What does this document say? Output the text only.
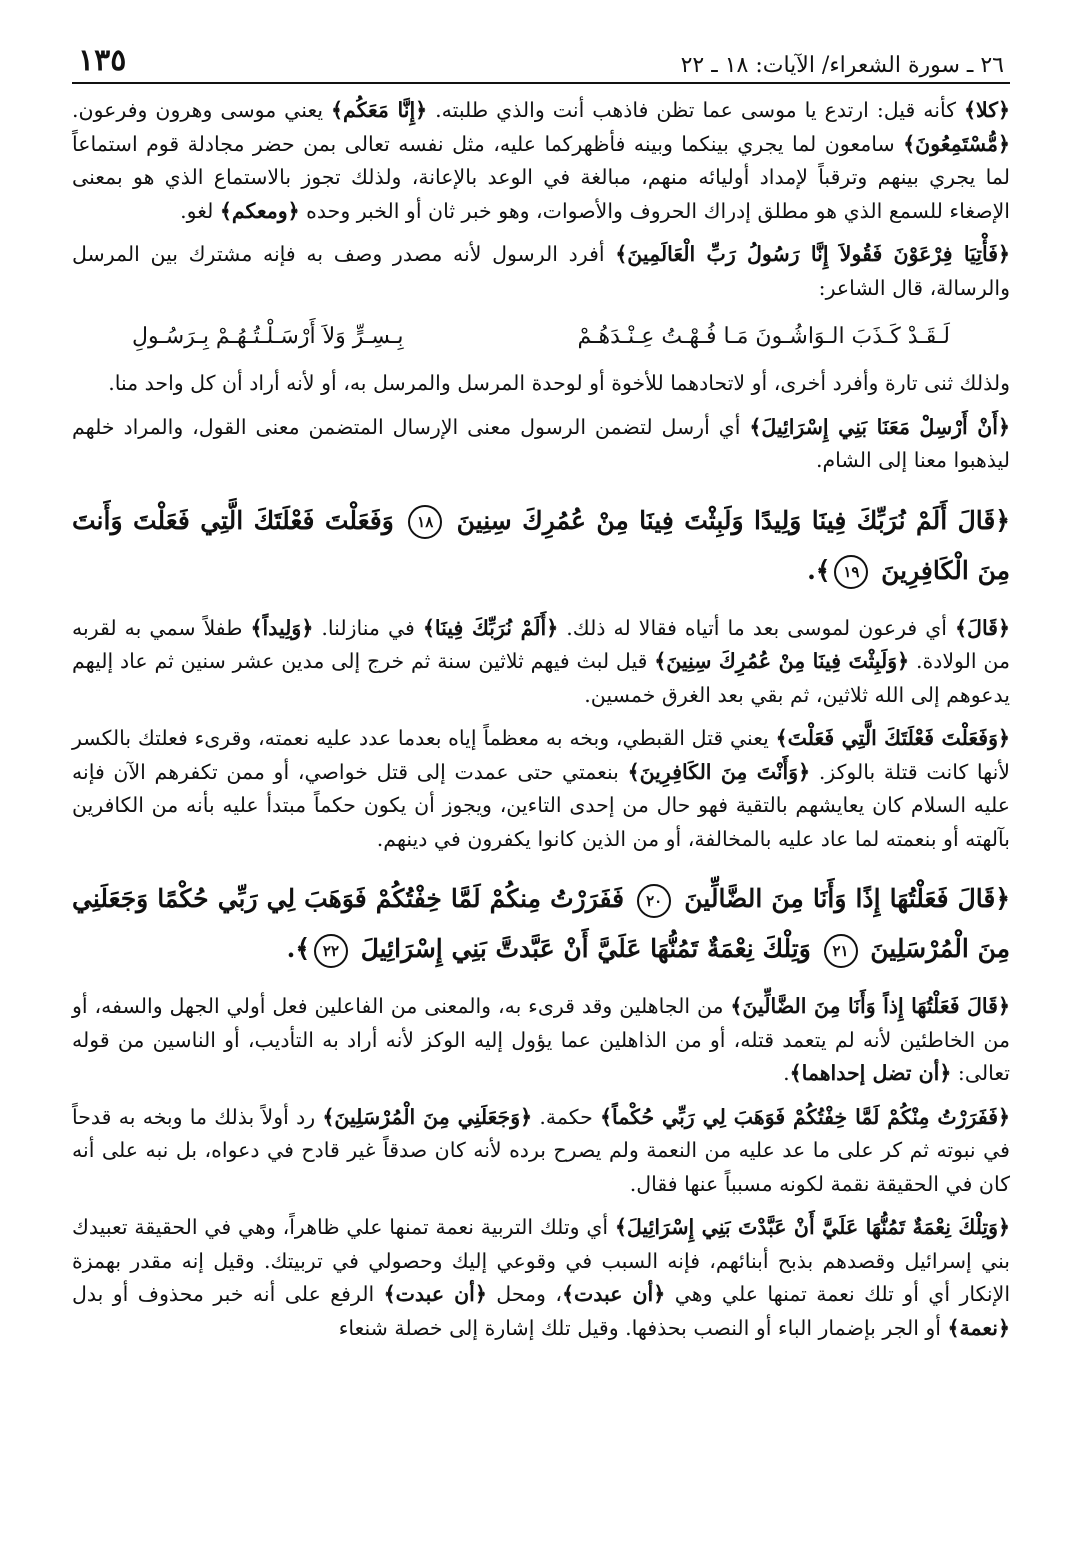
٢٦ ـ سورة الشعراء/ الآيات: ١٨ ـ ٢٢
١٣٥

﴿كلا﴾ كأنه قيل: ارتدع يا موسى عما تظن فاذهب أنت والذي طلبته. ﴿إِنَّا مَعَكُم﴾ يعني موسى وهرون وفرعون. ﴿مُّسْتَمِعُونَ﴾ سامعون لما يجري بينكما وبينه فأظهركما عليه، مثل نفسه تعالى بمن حضر مجادلة قوم استماعاً لما يجري بينهم وترقباً لإمداد أوليائه منهم، مبالغة في الوعد بالإعانة، ولذلك تجوز بالاستماع الذي هو بمعنى الإصغاء للسمع الذي هو مطلق إدراك الحروف والأصوات، وهو خبر ثان أو الخبر وحده ﴿ومعكم﴾ لغو.

﴿فَأْتِيَا فِرْعَوْنَ فَقُولاَ إِنَّا رَسُولُ رَبِّ الْعَالَمِينَ﴾ أفرد الرسول لأنه مصدر وصف به فإنه مشترك بين المرسل والرسالة، قال الشاعر:

لَـقَـدْ كَـذَبَ الـوَاشُـونَ مَـا فُـهْـتُ عِـنْـدَهُـمْ
بِـسِـرٍّ وَلاَ أَرْسَـلْـتُـهُـمْ بِـرَسُـولِ

ولذلك ثنى تارة وأفرد أخرى، أو لاتحادهما للأخوة أو لوحدة المرسل والمرسل به، أو لأنه أراد أن كل واحد منا.

﴿أَنْ أَرْسِلْ مَعَنَا بَنِي إِسْرَائِيلَ﴾ أي أرسل لتضمن الرسول معنى الإرسال المتضمن معنى القول، والمراد خلهم ليذهبوا معنا إلى الشام.

﴿قَالَ أَلَمْ نُرَبِّكَ فِينَا وَلِيدًا وَلَبِثْتَ فِينَا مِنْ عُمُرِكَ سِنِينَ ١٨ وَفَعَلْتَ فَعْلَتَكَ الَّتِي فَعَلْتَ وَأَنتَ مِنَ الْكَافِرِينَ ١٩﴾.

﴿قَالَ﴾ أي فرعون لموسى بعد ما أتياه فقالا له ذلك. ﴿أَلَمْ نُرَبِّكَ فِينَا﴾ في منازلنا. ﴿وَلِيداً﴾ طفلاً سمي به لقربه من الولادة. ﴿وَلَبِثْتَ فِينَا مِنْ عُمُرِكَ سِنِينَ﴾ قيل لبث فيهم ثلاثين سنة ثم خرج إلى مدين عشر سنين ثم عاد إليهم يدعوهم إلى الله ثلاثين، ثم بقي بعد الغرق خمسين.

﴿وَفَعَلْتَ فَعْلَتَكَ الَّتِي فَعَلْتَ﴾ يعني قتل القبطي، وبخه به معظماً إياه بعدما عدد عليه نعمته، وقرىء فعلتك بالكسر لأنها كانت قتلة بالوكز. ﴿وَأَنْتَ مِنَ الكَافِرِينَ﴾ بنعمتي حتى عمدت إلى قتل خواصي، أو ممن تكفرهم الآن فإنه عليه السلام كان يعايشهم بالتقية فهو حال من إحدى التاءين، ويجوز أن يكون حكماً مبتدأ عليه بأنه من الكافرين بآلهته أو بنعمته لما عاد عليه بالمخالفة، أو من الذين كانوا يكفرون في دينهم.

﴿قَالَ فَعَلْتُهَا إِذًا وَأَنَا مِنَ الضَّالِّينَ ٢٠ فَفَرَرْتُ مِنكُمْ لَمَّا خِفْتُكُمْ فَوَهَبَ لِي رَبِّي حُكْمًا وَجَعَلَنِي مِنَ الْمُرْسَلِينَ ٢١ وَتِلْكَ نِعْمَةٌ تَمُنُّهَا عَلَيَّ أَنْ عَبَّدتَّ بَنِي إِسْرَائِيلَ ٢٢﴾.

﴿قَالَ فَعَلْتُهَا إِذاً وَأَنَا مِنَ الضَّالِّينَ﴾ من الجاهلين وقد قرىء به، والمعنى من الفاعلين فعل أولي الجهل والسفه، أو من الخاطئين لأنه لم يتعمد قتله، أو من الذاهلين عما يؤول إليه الوكز لأنه أراد به التأديب، أو الناسين من قوله تعالى: ﴿أن تضل إحداهما﴾.

﴿فَفَرَرْتُ مِنْكُمْ لَمَّا خِفْتُكُمْ فَوَهَبَ لِي رَبِّي حُكْماً﴾ حكمة. ﴿وَجَعَلَنِي مِنَ الْمُرْسَلِينَ﴾ رد أولاً بذلك ما وبخه به قدحاً في نبوته ثم كر على ما عد عليه من النعمة ولم يصرح برده لأنه كان صدقاً غير قادح في دعواه، بل نبه على أنه كان في الحقيقة نقمة لكونه مسبباً عنها فقال.

﴿وَتِلْكَ نِعْمَةٌ تَمُنُّهَا عَلَيَّ أَنْ عَبَّدْتَ بَنِي إِسْرَائِيلَ﴾ أي وتلك التربية نعمة تمنها علي ظاهراً، وهي في الحقيقة تعبيدك بني إسرائيل وقصدهم بذبح أبنائهم، فإنه السبب في وقوعي إليك وحصولي في تربيتك. وقيل إنه مقدر بهمزة الإنكار أي أو تلك نعمة تمنها علي وهي ﴿أن عبدت﴾، ومحل ﴿أن عبدت﴾ الرفع على أنه خبر محذوف أو بدل ﴿نعمة﴾ أو الجر بإضمار الباء أو النصب بحذفها. وقيل تلك إشارة إلى خصلة شنعاء
